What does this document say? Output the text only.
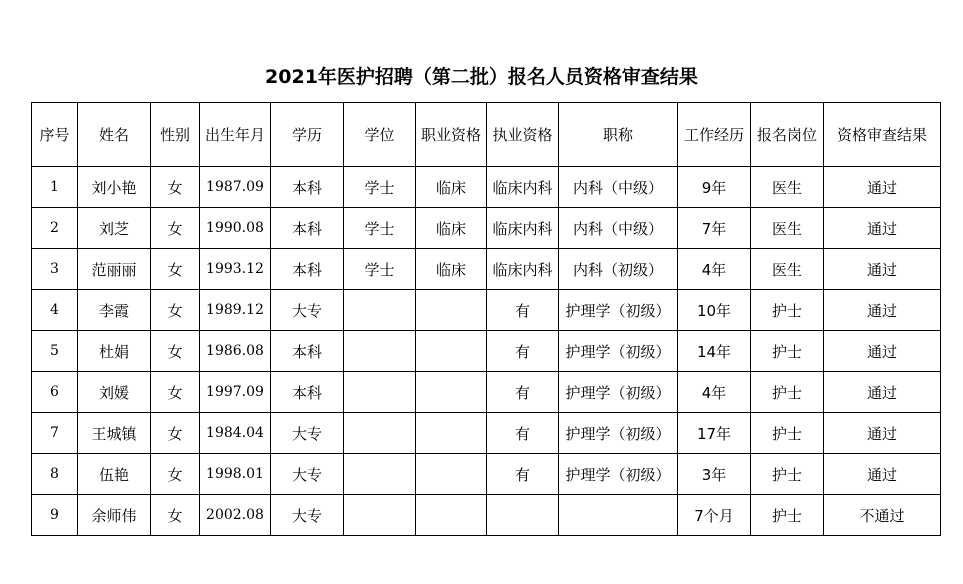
2021年医护招聘（第二批）报名人员资格审查结果
序号	姓名	性别	出生年月	学历	学位	职业资格	执业资格	职称	工作经历	报名岗位	资格审查结果
1	刘小艳	女	1987.09	本科	学士	临床	临床内科	内科（中级）	9年	医生	通过
2	刘芝	女	1990.08	本科	学士	临床	临床内科	内科（中级）	7年	医生	通过
3	范丽丽	女	1993.12	本科	学士	临床	临床内科	内科（初级）	4年	医生	通过
4	李霞	女	1989.12	大专			有	护理学（初级）	10年	护士	通过
5	杜娟	女	1986.08	本科			有	护理学（初级）	14年	护士	通过
6	刘媛	女	1997.09	本科			有	护理学（初级）	4年	护士	通过
7	王城镇	女	1984.04	大专			有	护理学（初级）	17年	护士	通过
8	伍艳	女	1998.01	大专			有	护理学（初级）	3年	护士	通过
9	余师伟	女	2002.08	大专					7个月	护士	不通过
